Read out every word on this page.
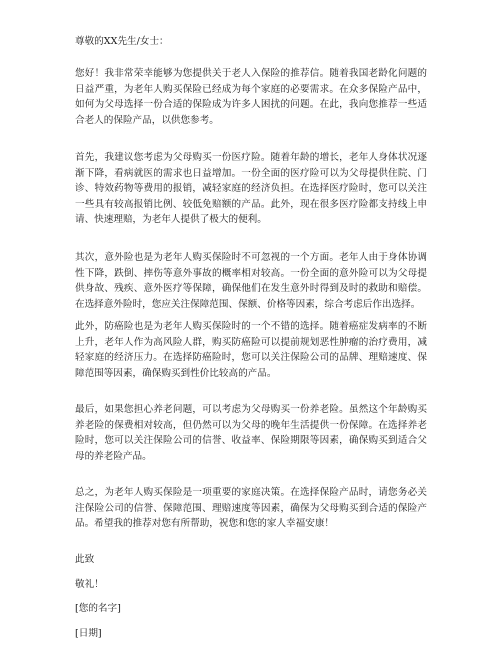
尊敬的XX先生/女士：

您好！我非常荣幸能够为您提供关于老人入保险的推荐信。随着我国老龄化问题的日益严重，为老年人购买保险已经成为每个家庭的必要需求。在众多保险产品中，如何为父母选择一份合适的保险成为许多人困扰的问题。在此，我向您推荐一些适合老人的保险产品，以供您参考。

首先，我建议您考虑为父母购买一份医疗险。随着年龄的增长，老年人身体状况逐渐下降，看病就医的需求也日益增加。一份全面的医疗险可以为父母提供住院、门诊、特效药物等费用的报销，减轻家庭的经济负担。在选择医疗险时，您可以关注一些具有较高报销比例、较低免赔额的产品。此外，现在很多医疗险都支持线上申请、快速理赔，为老年人提供了极大的便利。

其次，意外险也是为老年人购买保险时不可忽视的一个方面。老年人由于身体协调性下降，跌倒、摔伤等意外事故的概率相对较高。一份全面的意外险可以为父母提供身故、残疾、意外医疗等保障，确保他们在发生意外时得到及时的救助和赔偿。在选择意外险时，您应关注保障范围、保额、价格等因素，综合考虑后作出选择。

此外，防癌险也是为老年人购买保险时的一个不错的选择。随着癌症发病率的不断上升，老年人作为高风险人群，购买防癌险可以提前规划恶性肿瘤的治疗费用，减轻家庭的经济压力。在选择防癌险时，您可以关注保险公司的品牌、理赔速度、保障范围等因素，确保购买到性价比较高的产品。

最后，如果您担心养老问题，可以考虑为父母购买一份养老险。虽然这个年龄购买养老险的保费相对较高，但仍然可以为父母的晚年生活提供一份保障。在选择养老险时，您可以关注保险公司的信誉、收益率、保险期限等因素，确保购买到适合父母的养老险产品。

总之，为老年人购买保险是一项重要的家庭决策。在选择保险产品时，请您务必关注保险公司的信誉、保障范围、理赔速度等因素，确保为父母购买到合适的保险产品。希望我的推荐对您有所帮助，祝您和您的家人幸福安康！

此致

敬礼！

[您的名字]

[日期]
